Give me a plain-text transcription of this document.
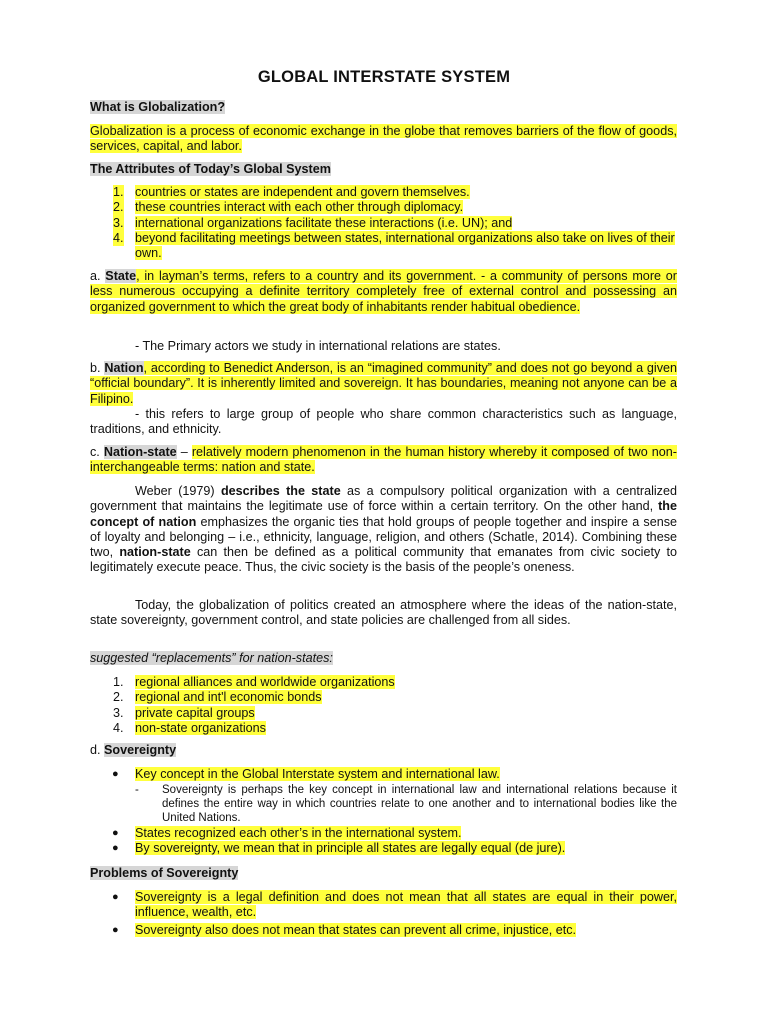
GLOBAL INTERSTATE SYSTEM
What is Globalization?
Globalization is a process of economic exchange in the globe that removes barriers of the flow of goods, services, capital, and labor.
The Attributes of Today’s Global System
1. countries or states are independent and govern themselves.
2. these countries interact with each other through diplomacy.
3. international organizations facilitate these interactions (i.e. UN); and
4. beyond facilitating meetings between states, international organizations also take on lives of their own.
a. State, in layman’s terms, refers to a country and its government. - a community of persons more or less numerous occupying a definite territory completely free of external control and possessing an organized government to which the great body of inhabitants render habitual obedience.
- The Primary actors we study in international relations are states.
b. Nation, according to Benedict Anderson, is an “imagined community” and does not go beyond a given “official boundary”. It is inherently limited and sovereign. It has boundaries, meaning not anyone can be a Filipino.
- this refers to large group of people who share common characteristics such as language, traditions, and ethnicity.
c. Nation-state – relatively modern phenomenon in the human history whereby it composed of two non-interchangeable terms: nation and state.
Weber (1979) describes the state as a compulsory political organization with a centralized government that maintains the legitimate use of force within a certain territory. On the other hand, the concept of nation emphasizes the organic ties that hold groups of people together and inspire a sense of loyalty and belonging – i.e., ethnicity, language, religion, and others (Schatle, 2014). Combining these two, nation-state can then be defined as a political community that emanates from civic society to legitimately execute peace. Thus, the civic society is the basis of the people’s oneness.
Today, the globalization of politics created an atmosphere where the ideas of the nation-state, state sovereignty, government control, and state policies are challenged from all sides.
suggested “replacements” for nation-states:
1. regional alliances and worldwide organizations
2. regional and int'l economic bonds
3. private capital groups
4. non-state organizations
d. Sovereignty
● Key concept in the Global Interstate system and international law.
-	Sovereignty is perhaps the key concept in international law and international relations because it defines the entire way in which countries relate to one another and to international bodies like the United Nations.
● States recognized each other’s in the international system.
● By sovereignty, we mean that in principle all states are legally equal (de jure).
Problems of Sovereignty
● Sovereignty is a legal definition and does not mean that all states are equal in their power, influence, wealth, etc.
● Sovereignty also does not mean that states can prevent all crime, injustice, etc.
